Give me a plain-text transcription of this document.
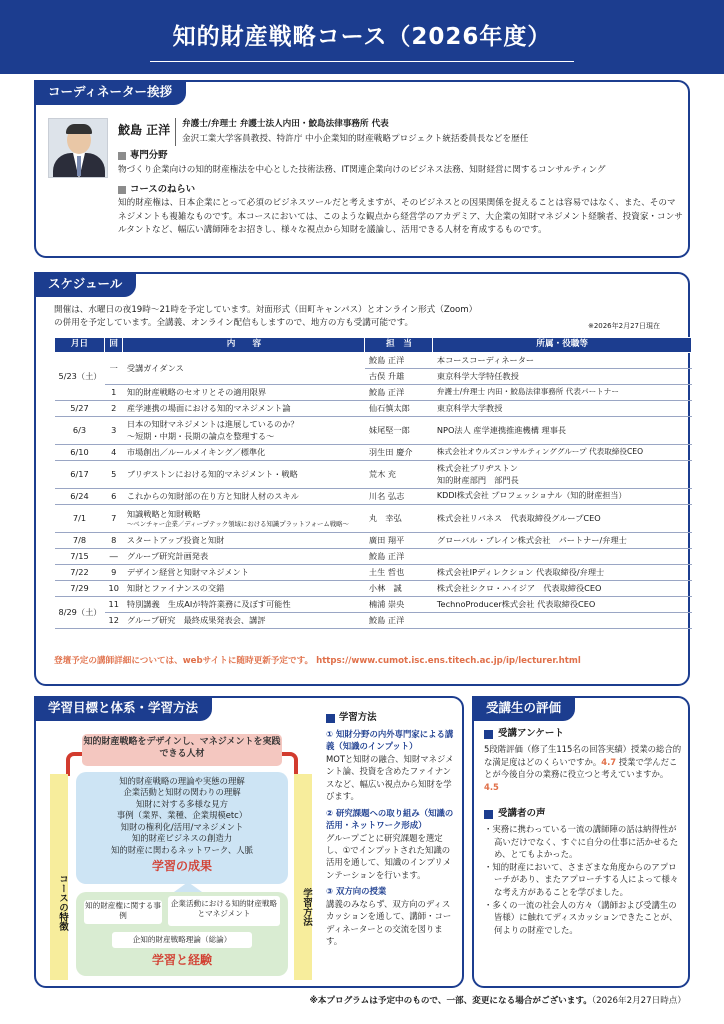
知的財産戦略コース（2026年度）
コーディネーター挨拶
鮫島 正洋 弁護士/弁理士 弁護士法人内田・鮫島法律事務所 代表
金沢工業大学客員教授、特許庁 中小企業知的財産戦略プロジェクト統括委員長などを歴任
専門分野
物づくり企業向けの知的財産権法を中心とした技術法務、IT関連企業向けのビジネス法務、知財経営に関するコンサルティング
コースのねらい
知的財産権は、日本企業にとって必須のビジネスツールだと考えますが、そのビジネスとの因果関係を捉えることは容易ではなく、また、そのマネジメントも複雑なものです。本コースにおいては、このような観点から経営学のアカデミア、大企業の知財マネジメント経験者、投資家・コンサルタントなど、幅広い講師陣をお招きし、様々な視点から知財を議論し、活用できる人材を育成するものです。
スケジュール
開催は、水曜日の夜19時〜21時を予定しています。対面形式（田町キャンパス）とオンライン形式（Zoom）
の併用を予定しています。全講義、オンライン配信もしますので、地方の方も受講可能です。	※2026年2月27日現在
月日	回	内　　容	担　当	所属・役職等
5/23（土）	一	受講ガイダンス	鮫島 正洋	本コースコーディネーター
			古俣 升雄	東京科学大学特任教授
	1	知的財産戦略のセオリとその適用限界	鮫島 正洋	弁護士/弁理士 内田・鮫島法律事務所 代表パートナー
5/27	2	産学連携の場面における知的マネジメント論	仙石慎太郎	東京科学大学教授
6/3	3	日本の知財マネジメントは進展しているのか？
〜短期・中期・長期の論点を整理する〜	妹尾堅一郎	NPO法人 産学連携推進機構 理事長
6/10	4	市場創出／ルールメイキング／標準化	羽生田 慶介	株式会社オウルズコンサルティンググループ 代表取締役CEO
6/17	5	ブリヂストンにおける知的マネジメント・戦略	荒木 充	株式会社ブリヂストン
知的財産部門　部門長

6/24	6	これからの知財部の在り方と知財人材のスキル	川名 弘志	KDDI株式会社 プロフェッショナル（知的財産担当）
7/1	7	知識戦略と知財戦略
〜ベンチャー企業／ディープテック領域における知識プラットフォーム戦略〜	丸　幸弘	株式会社リバネス　代表取締役グループCEO
7/8	8	スタートアップ投資と知財	廣田 翔平	グローバル・ブレイン株式会社　パートナー/弁理士
7/15	―	グループ研究計画発表	鮫島 正洋	
7/22	9	デザイン経営と知財マネジメント	土生 哲也	株式会社IPディレクション 代表取締役/弁理士
7/29	10	知財とファイナンスの交錯	小林　誠	株式会社シクロ・ハイジア　代表取締役CEO
8/29（土）	11	特別講義　生成AIが特許業務に及ぼす可能性	楠浦 崇央	TechnoProducer株式会社 代表取締役CEO
	12	グループ研究　最終成果発表会、講評	鮫島 正洋	
登壇予定の講師詳細については、webサイトに随時更新予定です。 https://www.cumot.isc.ens.titech.ac.jp/ip/lecturer.html
学習目標と体系・学習方法
知的財産戦略をデザインし、マネジメントを実践できる人材
コースの特徴	学習方法
知的財産戦略の理論や実態の理解
企業活動と知財の関わりの理解
知財に対する多様な見方
事例（業界、業種、企業規模etc）
知財の権利化/活用/マネジメント
知的財産ビジネスの創造力
知的財産に関わるネットワーク、人脈
学習の成果
知的財産権に関する事例
企業活動における知的財産戦略とマネジメント
企知的財産戦略理論（総論）
学習と経験
学習方法
① 知財分野の内外専門家による講義（知識のインプット）
MOTと知財の融合、知財マネジメント論、投資を含めたファイナンスなど、幅広い視点から知財を学びます。
② 研究課題への取り組み（知識の活用・ネットワーク形成）
グループごとに研究課題を選定し、①でインプットされた知識の活用を通して、知識のインプリメンテーションを行います。
③ 双方向の授業
講義のみならず、双方向のディスカッションを通して、講師・コーディネーターとの交流を図ります。
受講生の評価
受講アンケート
5段階評価（修了生115名の回答実績）授業の総合的な満足度はどのくらいですか。4.7 授業で学んだことが今後自分の業務に役立つと考えていますか。4.5
受講者の声
・実務に携わっている一流の講師陣の話は納得性が高いだけでなく、すぐに自分の仕事に活かせるため、とてもよかった。
・知的財産において、さまざまな角度からのアプローチがあり、またアプローチする人によって様々な考え方があることを学びました。
・多くの一流の社会人の方々（講師および受講生の皆様）に触れてディスカッションできたことが、何よりの財産でした。
※本プログラムは予定中のもので、一部、変更になる場合がございます。（2026年2月27日時点）
